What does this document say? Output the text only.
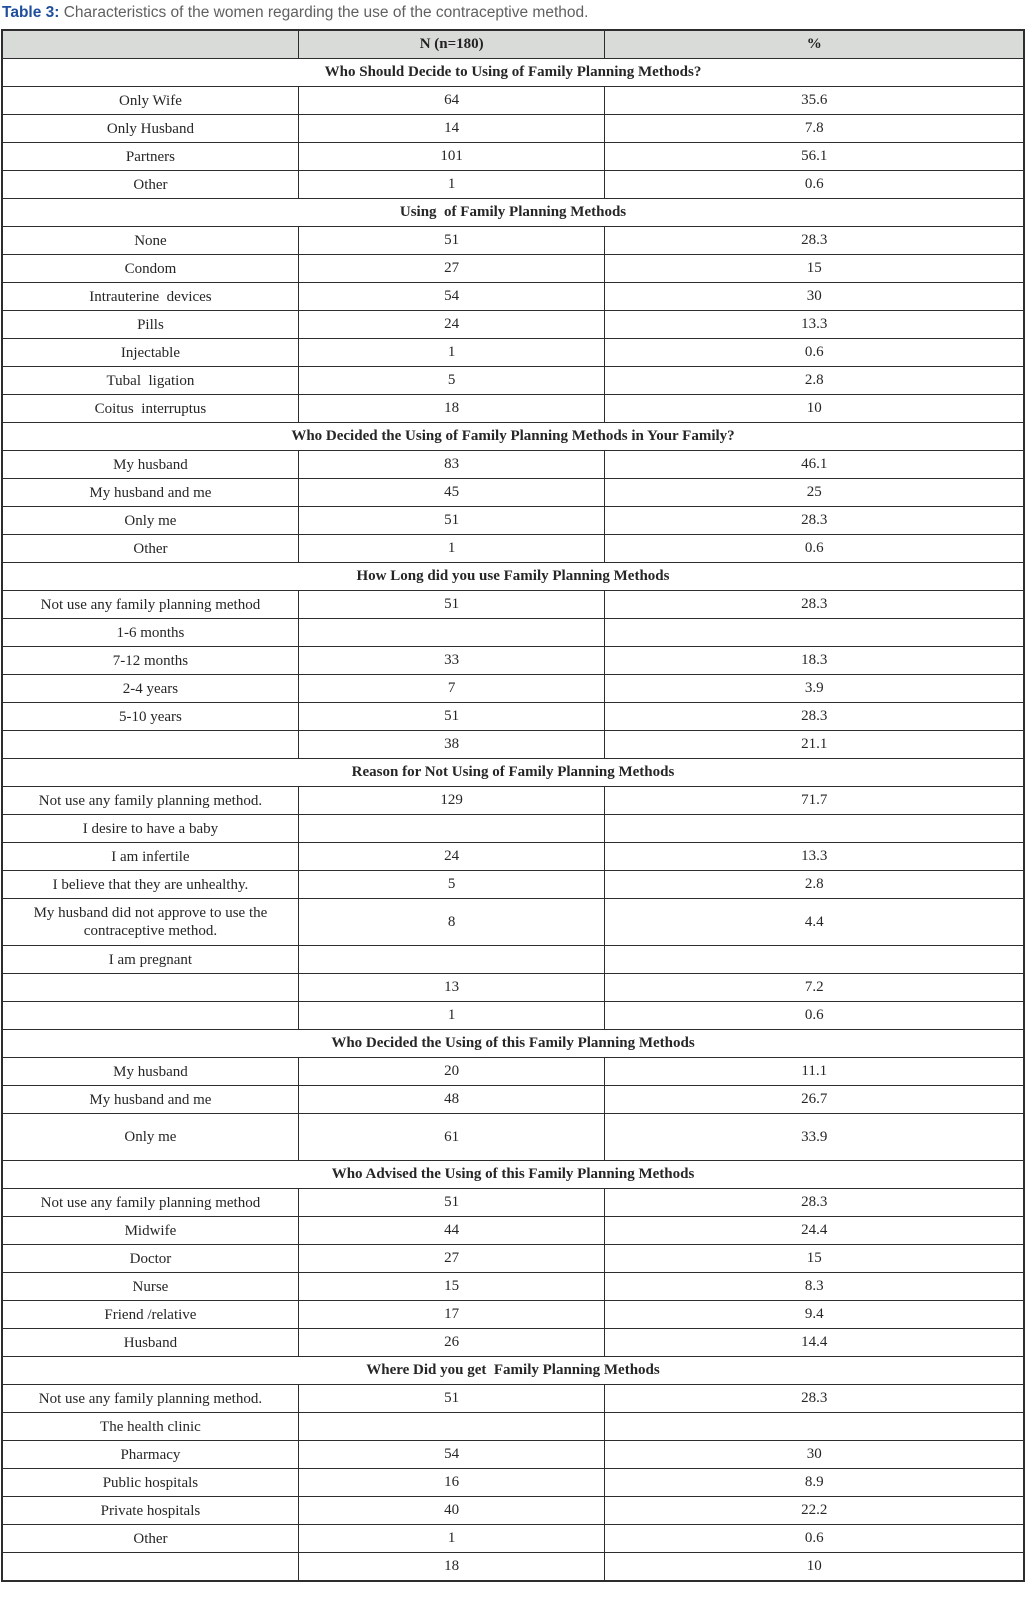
Table 3: Characteristics of the women regarding the use of the contraceptive method.
	N (n=180)	%
Who Should Decide to Using of Family Planning Methods?		
Only Wife	64	35.6
Only Husband	14	7.8
Partners	101	56.1
Other	1	0.6
Using  of Family Planning Methods		
None	51	28.3
Condom	27	15
Intrauterine  devices	54	30
Pills	24	13.3
Injectable	1	0.6
Tubal  ligation	5	2.8
Coitus  interruptus	18	10
Who Decided the Using of Family Planning Methods in Your Family?		
My husband	83	46.1
My husband and me	45	25
Only me	51	28.3
Other	1	0.6
How Long did you use Family Planning Methods		
Not use any family planning method	51	28.3
1-6 months		
7-12 months	33	18.3
2-4 years	7	3.9
5-10 years	51	28.3
	38	21.1
Reason for Not Using of Family Planning Methods		
Not use any family planning method.	129	71.7
I desire to have a baby		
I am infertile	24	13.3
I believe that they are unhealthy.	5	2.8
My husband did not approve to use the contraceptive method.	8	4.4
I am pregnant		
	13	7.2
	1	0.6
Who Decided the Using of this Family Planning Methods		
My husband	20	11.1
My husband and me	48	26.7
Only me	61	33.9
Who Advised the Using of this Family Planning Methods		
Not use any family planning method	51	28.3
Midwife	44	24.4
Doctor	27	15
Nurse	15	8.3
Friend /relative	17	9.4
Husband	26	14.4
Where Did you get  Family Planning Methods		
Not use any family planning method.	51	28.3
The health clinic		
Pharmacy	54	30
Public hospitals	16	8.9
Private hospitals	40	22.2
Other	1	0.6
	18	10
